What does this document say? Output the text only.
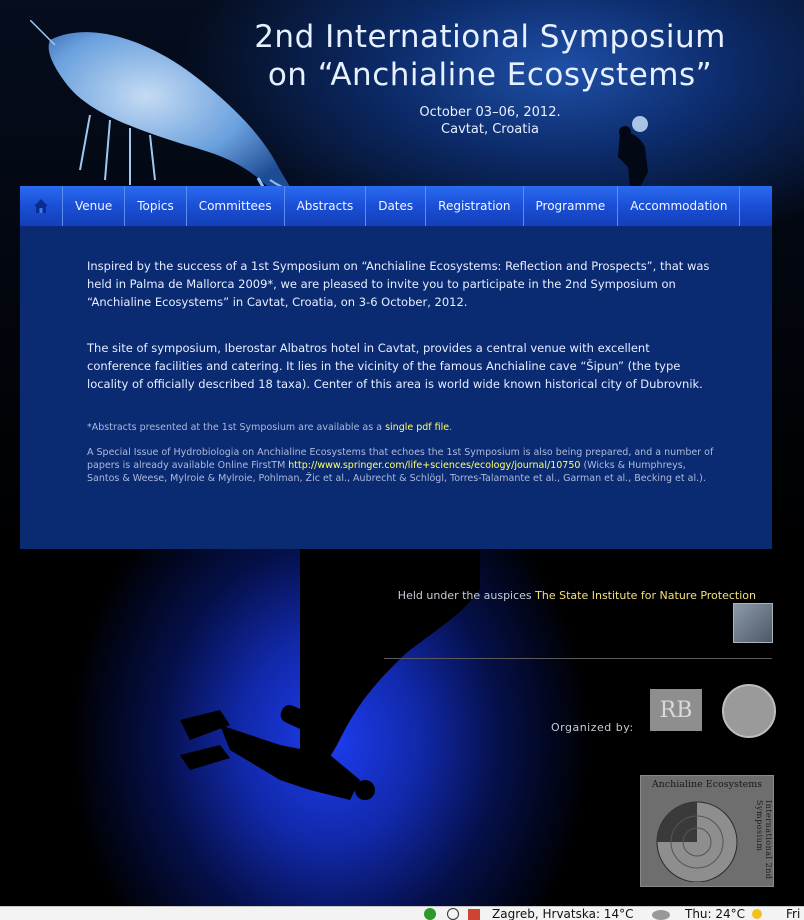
2nd International Symposium
on “Anchialine Ecosystems”
October 03–06, 2012.
Cavtat, Croatia
Venue	Topics	Committees	Abstracts	Dates	Registration	Programme	Accommodation

Inspired by the success of a 1st Symposium on “Anchialine Ecosystems: Reflection and Prospects”, that was held in Palma de Mallorca 2009*, we are pleased to invite you to participate in the 2nd Symposium on “Anchialine Ecosystems” in Cavtat, Croatia, on 3-6 October, 2012.

The site of symposium, Iberostar Albatros hotel in Cavtat, provides a central venue with excellent conference facilities and catering. It lies in the vicinity of the famous Anchialine cave “Šipun” (the type locality of officially described 18 taxa). Center of this area is world wide known historical city of Dubrovnik.

*Abstracts presented at the 1st Symposium are available as a single pdf file.

A Special Issue of Hydrobiologia on Anchialine Ecosystems that echoes the 1st Symposium is also being prepared, and a number of papers is already available Online FirstTM http://www.springer.com/life+sciences/ecology/journal/10750 (Wicks & Humphreys, Santos & Weese, Mylroie & Mylroie, Pohlman, Žic et al., Aubrecht & Schlögl, Torres-Talamante et al., Garman et al., Becking et al.).

Held under the auspices The State Institute for Nature Protection
Organized by:
RB
Anchialine Ecosystems
International 2nd Symposium
Zagreb, Hrvatska: 14°C	Thu: 24°C	Fri
